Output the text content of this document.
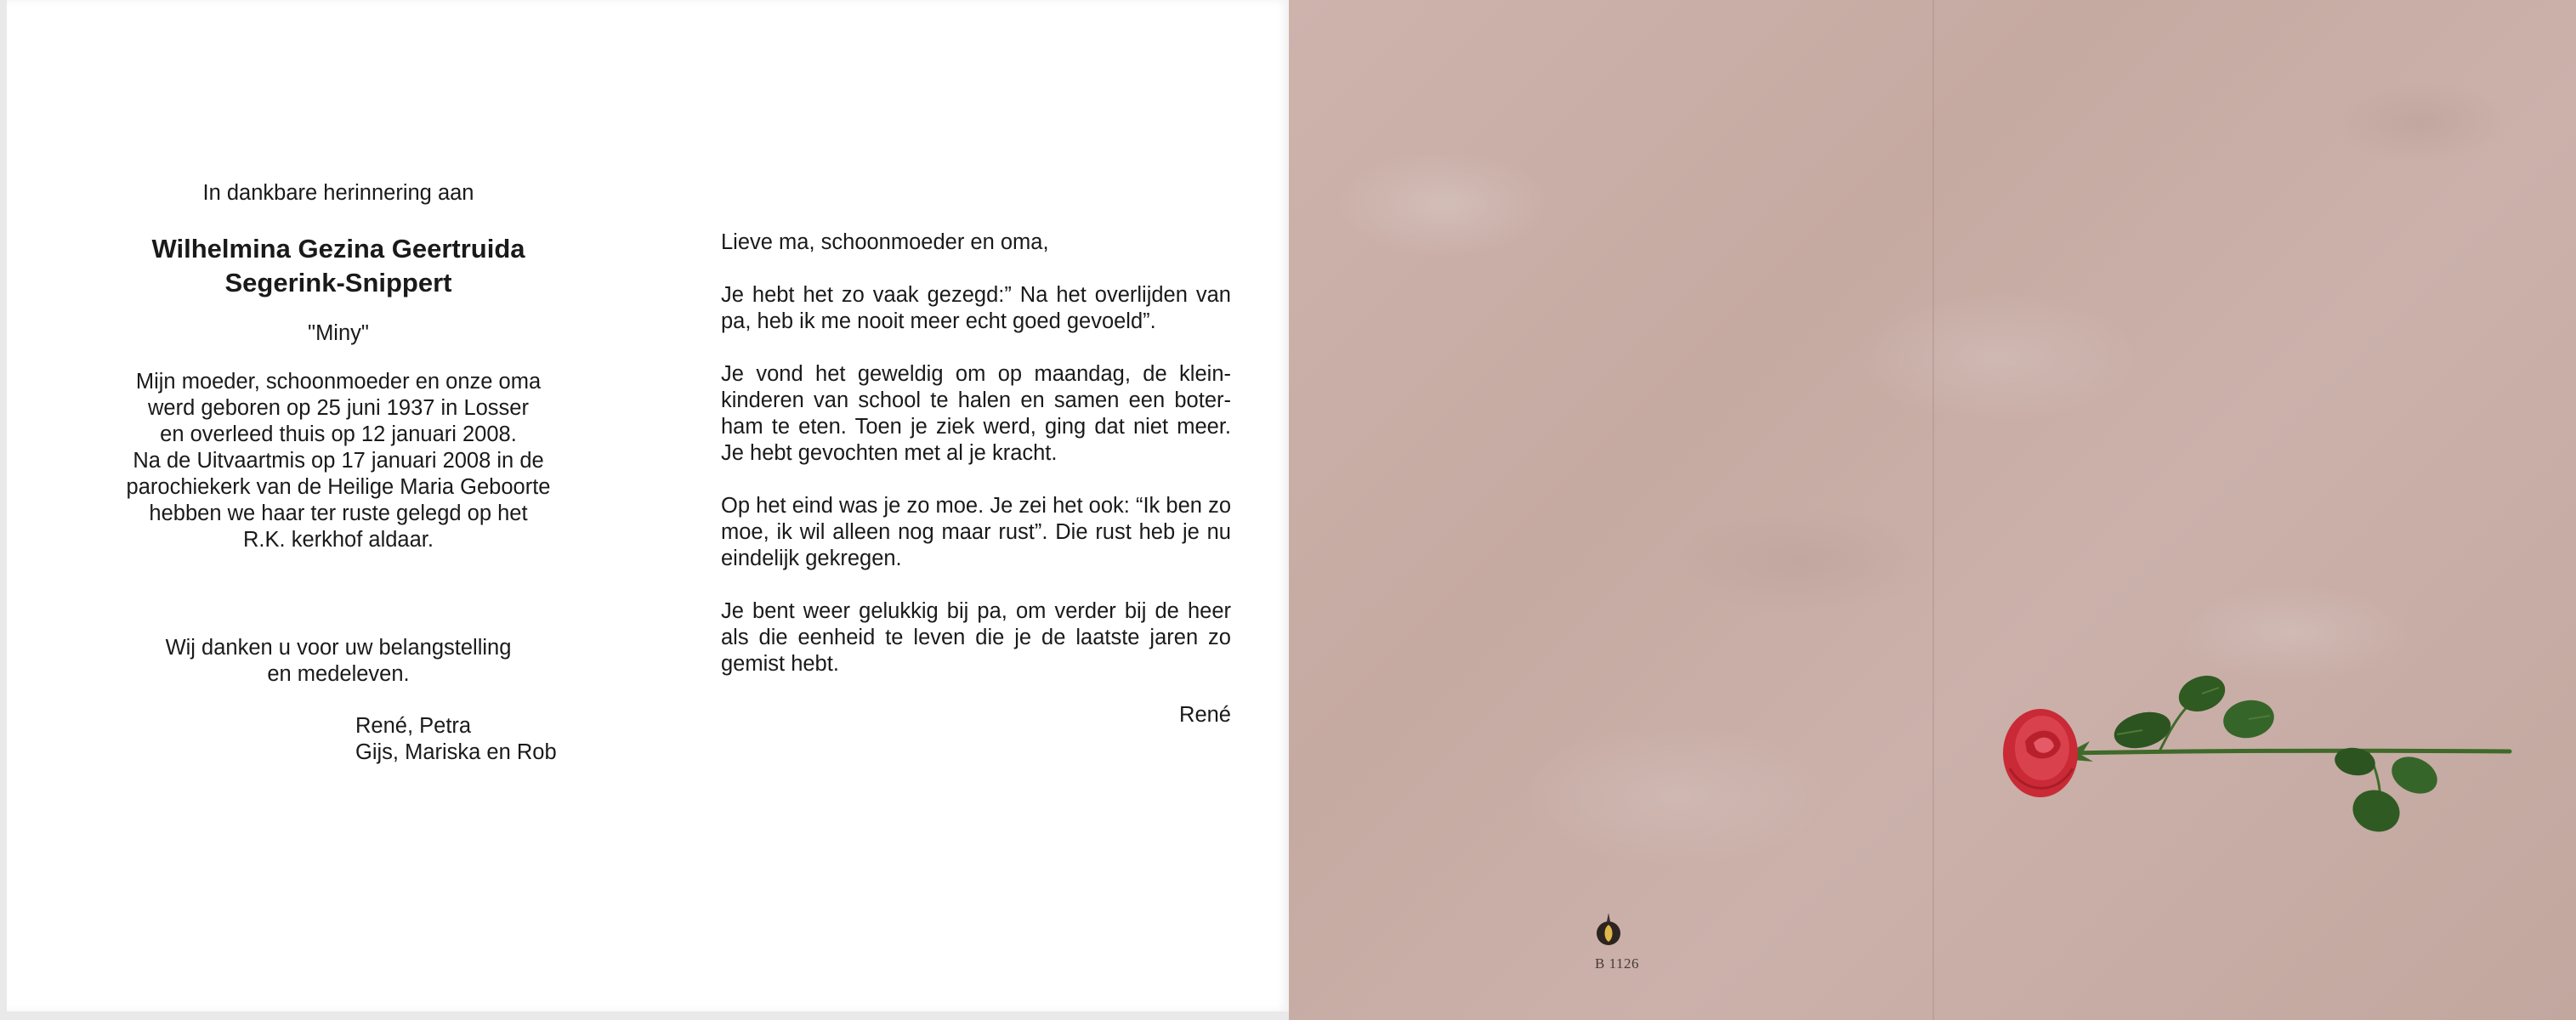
In dankbare herinnering aan
Wilhelmina Gezina Geertruida
Segerink-Snippert
"Miny"
Mijn moeder, schoonmoeder en onze oma
werd geboren op 25 juni 1937 in Losser
en overleed thuis op 12 januari 2008.
Na de Uitvaartmis op 17 januari 2008 in de
parochiekerk van de Heilige Maria Geboorte
hebben we haar ter ruste gelegd op het
R.K. kerkhof aldaar.
Wij danken u voor uw belangstelling
en medeleven.
René, Petra
Gijs, Mariska en Rob

Lieve ma, schoonmoeder en oma,

Je hebt het zo vaak gezegd:” Na het overlijden van pa, heb ik me nooit meer echt goed gevoeld”.

Je vond het geweldig om op maandag, de klein-kinderen van school te halen en samen een boter-ham te eten. Toen je ziek werd, ging dat niet meer. Je hebt gevochten met al je kracht.

Op het eind was je zo moe. Je zei het ook: “Ik ben zo moe, ik wil alleen nog maar rust”. Die rust heb je nu eindelijk gekregen.

Je bent weer gelukkig bij pa, om verder bij de heer als die eenheid te leven die je de laatste jaren zo gemist hebt.

René
B 1126
